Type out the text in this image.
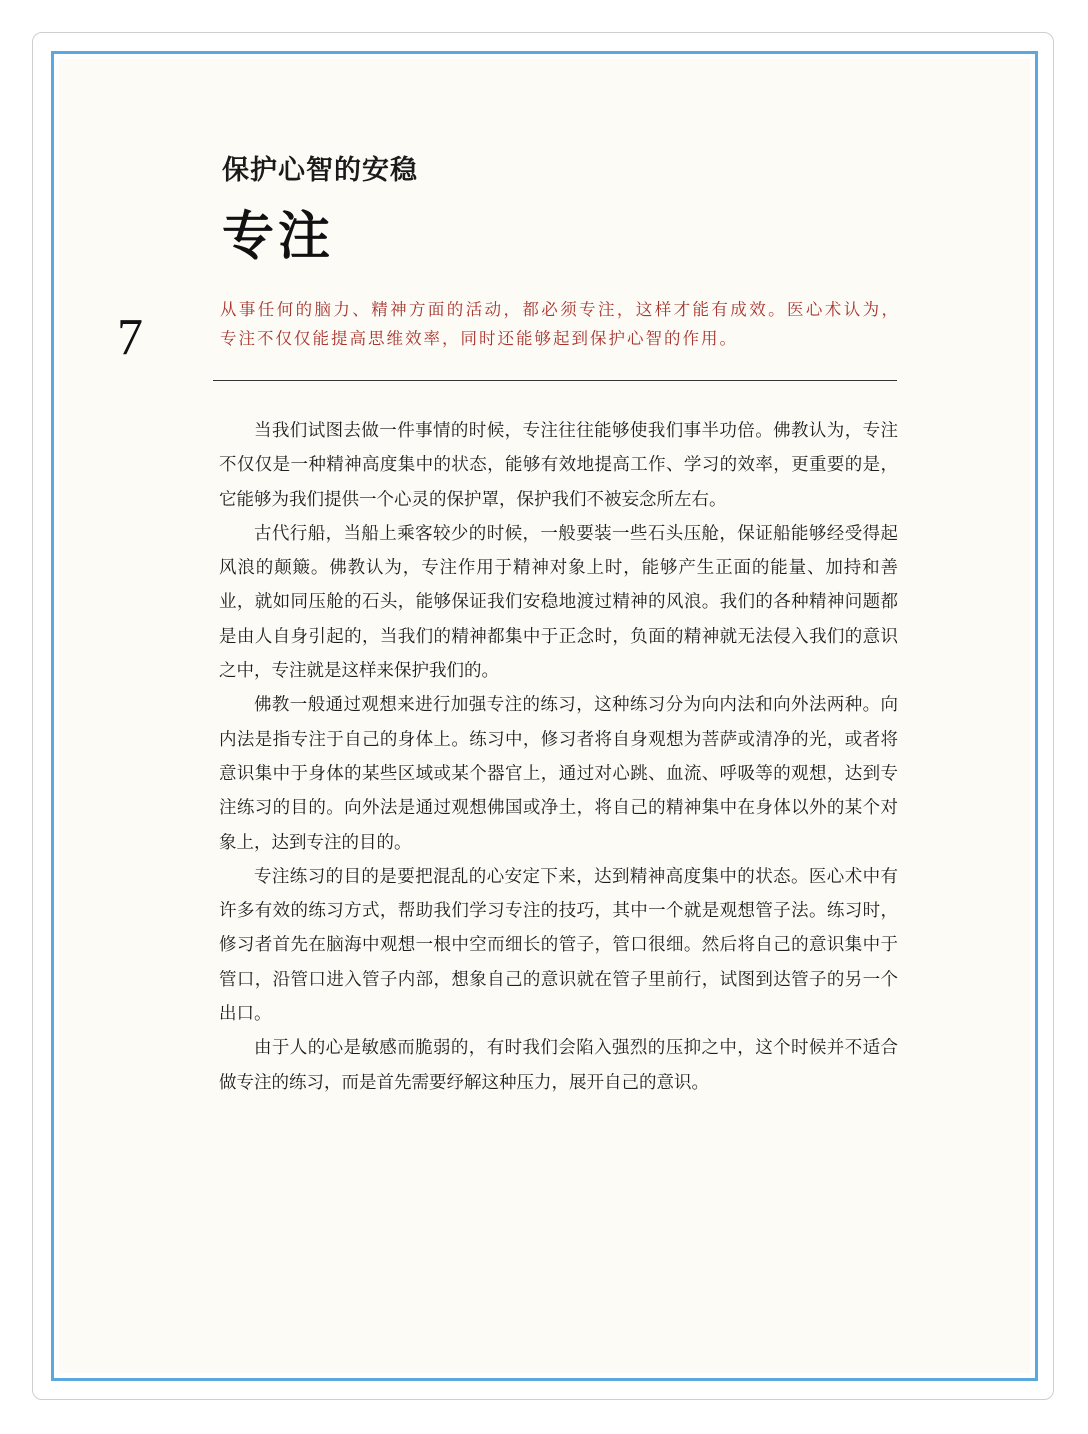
7
保护心智的安稳
专注
从事任何的脑力、精神方面的活动，都必须专注，这样才能有成效。医心术认为，专注不仅仅能提高思维效率，同时还能够起到保护心智的作用。

当我们试图去做一件事情的时候，专注往往能够使我们事半功倍。佛教认为，专注不仅仅是一种精神高度集中的状态，能够有效地提高工作、学习的效率，更重要的是，它能够为我们提供一个心灵的保护罩，保护我们不被妄念所左右。

古代行船，当船上乘客较少的时候，一般要装一些石头压舱，保证船能够经受得起风浪的颠簸。佛教认为，专注作用于精神对象上时，能够产生正面的能量、加持和善业，就如同压舱的石头，能够保证我们安稳地渡过精神的风浪。我们的各种精神问题都是由人自身引起的，当我们的精神都集中于正念时，负面的精神就无法侵入我们的意识之中，专注就是这样来保护我们的。

佛教一般通过观想来进行加强专注的练习，这种练习分为向内法和向外法两种。向内法是指专注于自己的身体上。练习中，修习者将自身观想为菩萨或清净的光，或者将意识集中于身体的某些区域或某个器官上，通过对心跳、血流、呼吸等的观想，达到专注练习的目的。向外法是通过观想佛国或净土，将自己的精神集中在身体以外的某个对象上，达到专注的目的。

专注练习的目的是要把混乱的心安定下来，达到精神高度集中的状态。医心术中有许多有效的练习方式，帮助我们学习专注的技巧，其中一个就是观想管子法。练习时，修习者首先在脑海中观想一根中空而细长的管子，管口很细。然后将自己的意识集中于管口，沿管口进入管子内部，想象自己的意识就在管子里前行，试图到达管子的另一个出口。

由于人的心是敏感而脆弱的，有时我们会陷入强烈的压抑之中，这个时候并不适合做专注的练习，而是首先需要纾解这种压力，展开自己的意识。
